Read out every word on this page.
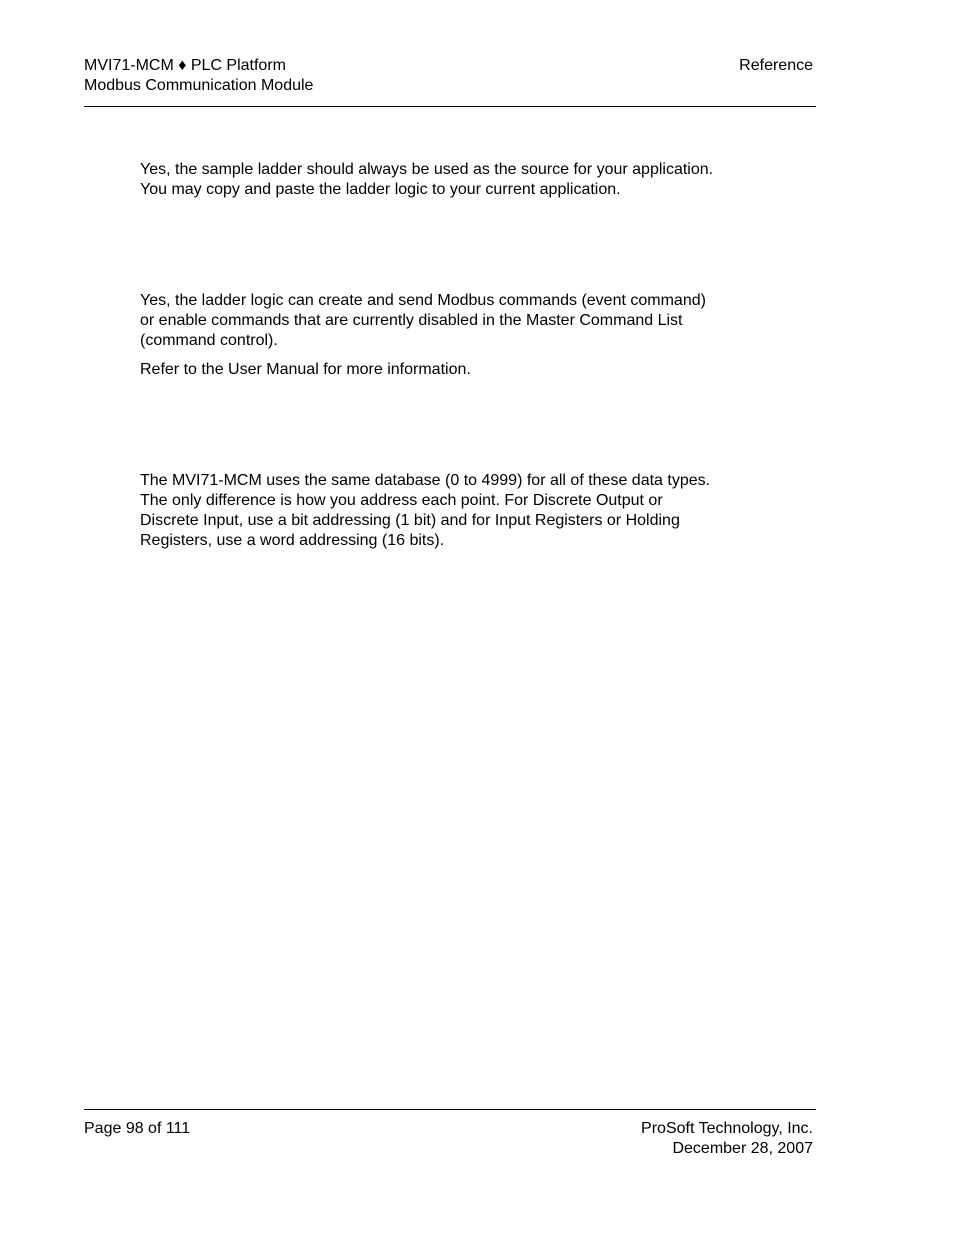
MVI71-MCM ♦ PLC Platform
Modbus Communication Module
Reference
Yes, the sample ladder should always be used as the source for your application.
You may copy and paste the ladder logic to your current application.
Yes, the ladder logic can create and send Modbus commands (event command)
or enable commands that are currently disabled in the Master Command List
(command control).
Refer to the User Manual for more information.
The MVI71-MCM uses the same database (0 to 4999) for all of these data types.
The only difference is how you address each point. For Discrete Output or
Discrete Input, use a bit addressing (1 bit) and for Input Registers or Holding
Registers, use a word addressing (16 bits).
Page 98 of 111	ProSoft Technology, Inc.
December 28, 2007
